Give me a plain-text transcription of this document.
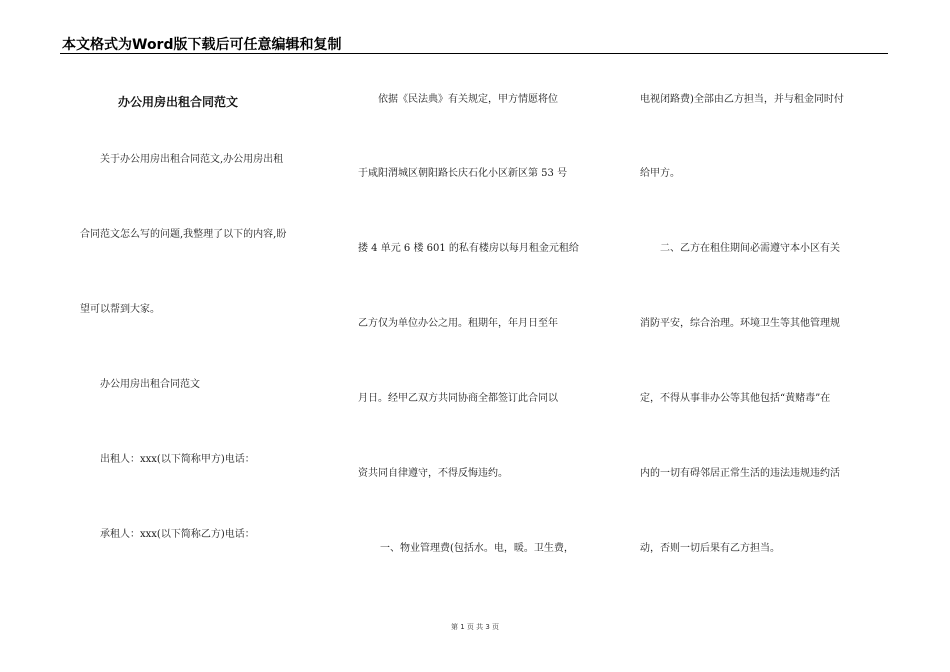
本文格式为Word版下载后可任意编辑和复制
办公用房出租合同范文
关于办公用房出租合同范文,办公用房出租
合同范文怎么写的问题,我整理了以下的内容,盼
望可以帮到大家。
办公用房出租合同范文
出租人：xxx(以下简称甲方)电话：
承租人：xxx(以下简称乙方)电话：
依据《民法典》有关规定，甲方情愿将位
于咸阳渭城区朝阳路长庆石化小区新区第 53 号
搂 4 单元 6 楼 601 的私有楼房以每月租金元租给
乙方仅为单位办公之用。租期年，年月日至年
月日。经甲乙双方共同协商全都签订此合同以
资共同自律遵守，不得反悔违约。
一、物业管理费(包括水。电，暖。卫生费，
电视闭路费)全部由乙方担当，并与租金同时付
给甲方。
二、乙方在租住期间必需遵守本小区有关
消防平安，综合治理。环境卫生等其他管理规
定，不得从事非办公等其他包括“黄赌毒”在
内的一切有碍邻居正常生活的违法违规违约活
动，否则一切后果有乙方担当。
第 1 页 共 3 页
